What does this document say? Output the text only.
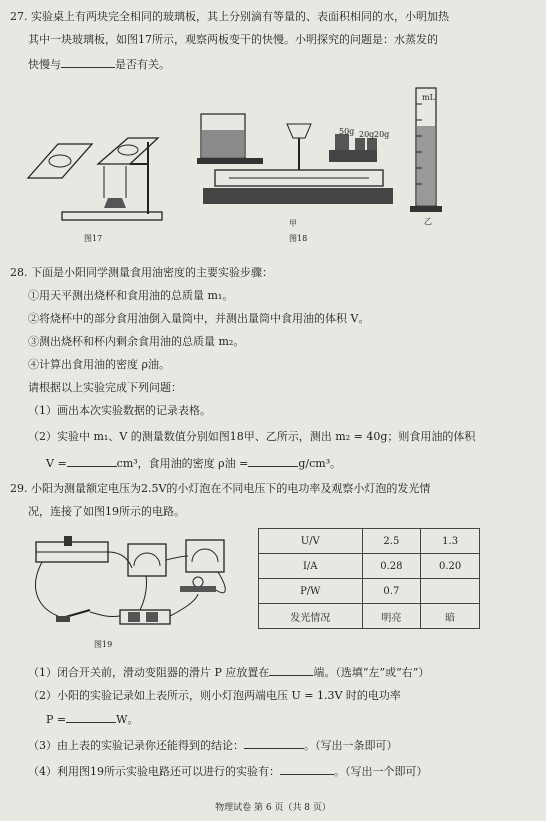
27. 实验桌上有两块完全相同的玻璃板，其上分别滴有等量的、表面积相同的水，小明加热
其中一块玻璃板，如图17所示，观察两板变干的快慢。小明探究的问题是：水蒸发的
快慢与	是否有关。
图17
50g 20g 20g
甲
图18
mL
乙
28. 下面是小阳同学测量食用油密度的主要实验步骤：
①用天平测出烧杯和食用油的总质量 m₁。
②将烧杯中的部分食用油倒入量筒中，并测出量筒中食用油的体积 V。
③测出烧杯和杯内剩余食用油的总质量 m₂。
④计算出食用油的密度 ρ油。
请根据以上实验完成下列问题：
（1）画出本次实验数据的记录表格。
（2）实验中 m₁、V 的测量数值分别如图18甲、乙所示，测出 m₂ = 40g；则食用油的体积
V =	cm³，食用油的密度 ρ油 =	g/cm³。
29. 小阳为测量额定电压为2.5V的小灯泡在不同电压下的电功率及观察小灯泡的发光情
况，连接了如图19所示的电路。
图19
U/V	2.5	1.3
I/A	0.28	0.20
P/W	0.7	
发光情况	明亮	暗
（1）闭合开关前，滑动变阻器的滑片 P 应放置在	端。（选填“左”或“右”）
（2）小阳的实验记录如上表所示，则小灯泡两端电压 U = 1.3V 时的电功率
P =	W。
（3）由上表的实验记录你还能得到的结论：	。（写出一条即可）
（4）利用图19所示实验电路还可以进行的实验有：	。（写出一个即可）
物理试卷 第 6 页（共 8 页）
